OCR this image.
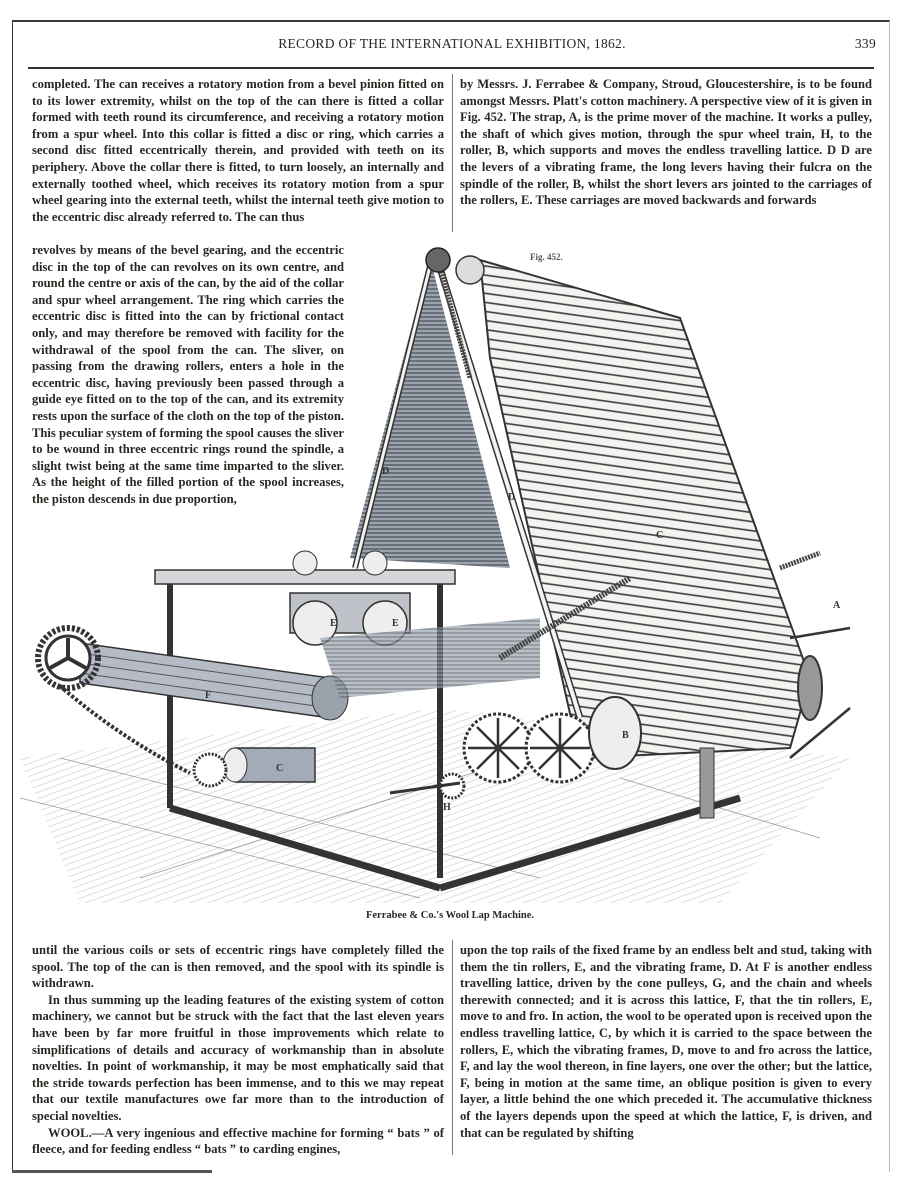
RECORD OF THE INTERNATIONAL EXHIBITION, 1862.	339

completed. The can receives a rotatory motion from a bevel pinion fitted on to its lower extremity, whilst on the top of the can there is fitted a collar formed with teeth round its circumference, and receiving a rotatory motion from a spur wheel. Into this collar is fitted a disc or ring, which carries a second disc fitted eccentrically therein, and provided with teeth on its periphery. Above the collar there is fitted, to turn loosely, an internally and externally toothed wheel, which receives its rotatory motion from a spur wheel gearing into the external teeth, whilst the internal teeth give motion to the eccentric disc already referred to. The can thus

by Messrs. J. Ferrabee & Company, Stroud, Gloucestershire, is to be found amongst Messrs. Platt's cotton machinery. A perspective view of it is given in Fig. 452. The strap, A, is the prime mover of the machine. It works a pulley, the shaft of which gives motion, through the spur wheel train, H, to the roller, B, which supports and moves the endless travelling lattice. D D are the levers of a vibrating frame, the long levers having their fulcra on the spindle of the roller, B, whilst the short levers ars jointed to the carriages of the rollers, E. These carriages are moved backwards and forwards

revolves by means of the bevel gearing, and the eccentric disc in the top of the can revolves on its own centre, and round the centre or axis of the can, by the aid of the collar and spur wheel arrangement. The ring which carries the eccentric disc is fitted into the can by frictional contact only, and may therefore be removed with facility for the withdrawal of the spool from the can. The sliver, on passing from the drawing rollers, enters a hole in the eccentric disc, having previously been passed through a guide eye fitted on to the top of the can, and its extremity rests upon the surface of the cloth on the top of the piston. This peculiar system of forming the spool causes the sliver to be wound in three eccentric rings round the spindle, a slight twist being at the same time imparted to the sliver. As the height of the filled portion of the spool increases, the piston descends in due proportion,

A
B
C
C
D
D
E	E
F
H
Fig. 452.
Ferrabee & Co.'s Wool Lap Machine.

until the various coils or sets of eccentric rings have completely filled the spool. The top of the can is then removed, and the spool with its spindle is withdrawn.

In thus summing up the leading features of the existing system of cotton machinery, we cannot but be struck with the fact that the last eleven years have been by far more fruitful in those improvements which relate to simplifications of details and accuracy of workmanship than in absolute novelties. In point of workmanship, it may be most emphatically said that the stride towards perfection has been immense, and to this we may repeat that our textile manufactures owe far more than to the introduction of special novelties.

WOOL.—A very ingenious and effective machine for forming “ bats ” of fleece, and for feeding endless “ bats ” to carding engines,

upon the top rails of the fixed frame by an endless belt and stud, taking with them the tin rollers, E, and the vibrating frame, D. At F is another endless travelling lattice, driven by the cone pulleys, G, and the chain and wheels therewith connected; and it is across this lattice, F, that the tin rollers, E, move to and fro. In action, the wool to be operated upon is received upon the endless travelling lattice, C, by which it is carried to the space between the rollers, E, which the vibrating frames, D, move to and fro across the lattice, F, and lay the wool thereon, in fine layers, one over the other; but the lattice, F, being in motion at the same time, an oblique position is given to every layer, a little behind the one which preceded it. The accumulative thickness of the layers depends upon the speed at which the lattice, F, is driven, and that can be regulated by shifting
